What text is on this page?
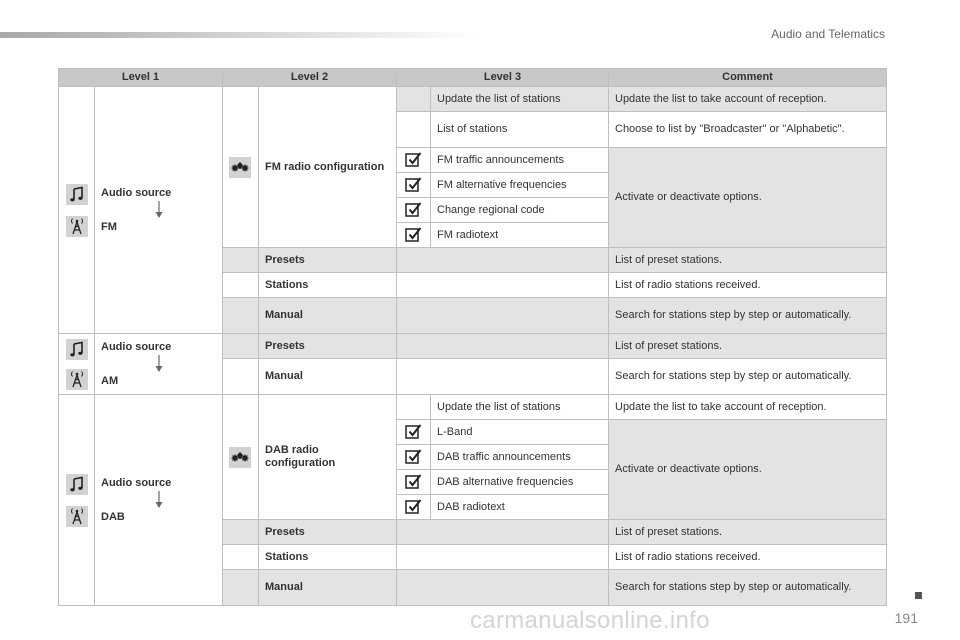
Audio and Telematics
Level 1		Level 2		Level 3		Comment

Audio source
FM		FM radio configuration		Update the list of stations	Update the list to take account of reception.
					List of stations	Choose to list by "Broadcaster" or "Alphabetic".

	FM traffic announcements	Activate or deactivate options.

	FM alternative frequencies	

	Change regional code	

	FM radiotext	
			Presets			List of preset stations.
			Stations			List of radio stations received.
			Manual			Search for stations step by step or automatically.

Audio source
AM		Presets			List of preset stations.
			Manual			Search for stations step by step or automatically.

Audio source
DAB		DAB radio configuration		Update the list of stations	Update the list to take account of reception.

	L-Band	Activate or deactivate options.

	DAB traffic announcements	

	DAB alternative frequencies	

	DAB radiotext	
			Presets			List of preset stations.
			Stations			List of radio stations received.
			Manual			Search for stations step by step or automatically.
carmanualsonline.info	191
